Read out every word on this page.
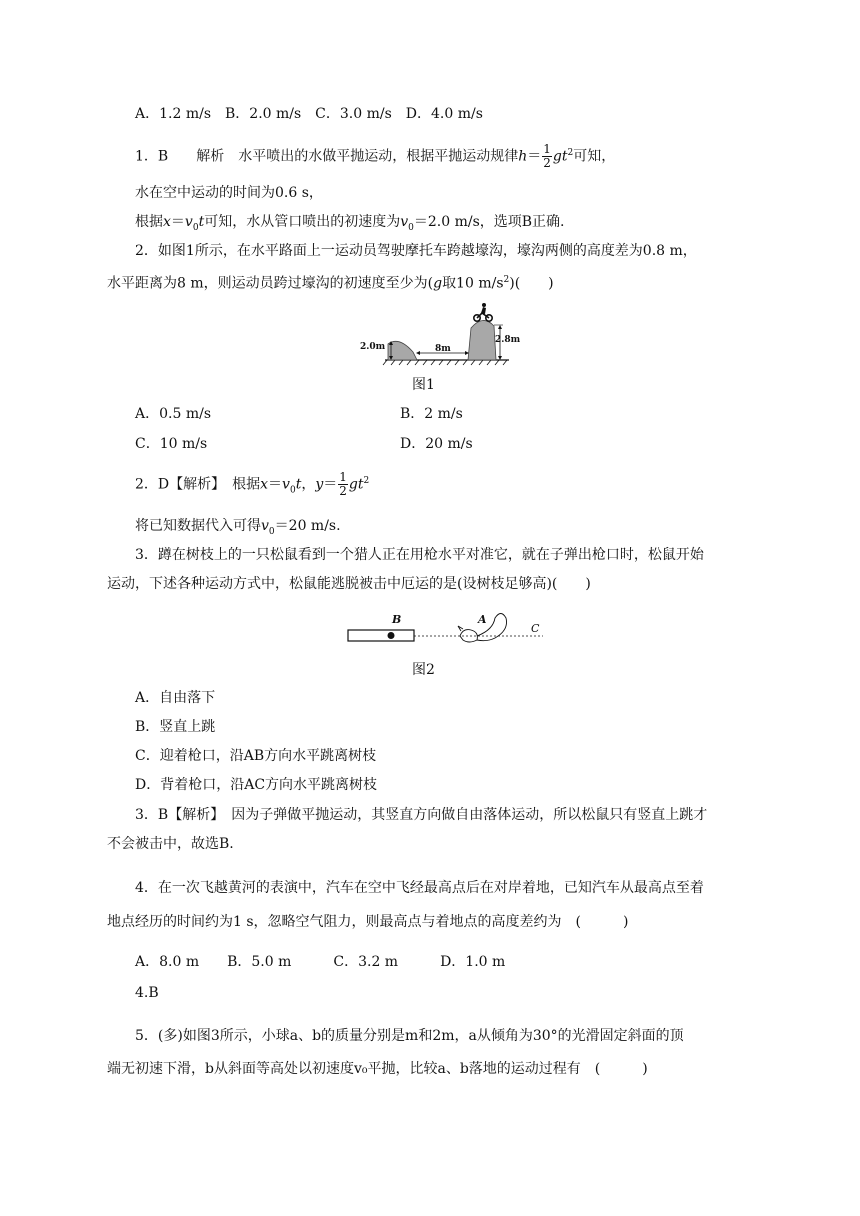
A．1.2 m/s　B．2.0 m/s　C．3.0 m/s　D．4.0 m/s
1．B　　解析　水平喷出的水做平抛运动，根据平抛运动规律$h= \frac{1}{2} gt^2$可知，
水在空中运动的时间为0.6 s，
根据$x=v_0t$可知，水从管口喷出的初速度为$v_0=2.0$ m/s，选项B正确.
2．如图1所示，在水平路面上一运动员驾驶摩托车跨越壕沟，壕沟两侧的高度差为0.8 m，
水平距离为8 m，则运动员跨过壕沟的初速度至少为(g取10 $m/s^2$)(　　)
2.0m	8m
2.8m
图1
A．0.5 m/s	B．2 m/s
C．10 m/s	D．20 m/s
2．D【解析】　根据$x=v_0t$，$y= \frac{1}{2} gt^2$
将已知数据代入可得$v_0=20$ m/s.
3．蹲在树枝上的一只松鼠看到一个猎人正在用枪水平对准它，就在子弹出枪口时，松鼠开始
运动，下述各种运动方式中，松鼠能逃脱被击中厄运的是(设树枝足够高)(　　)
B	A
C
图2
A．自由落下
B．竖直上跳
C．迎着枪口，沿AB方向水平跳离树枝
D．背着枪口，沿AC方向水平跳离树枝
3．B【解析】　因为子弹做平抛运动，其竖直方向做自由落体运动，所以松鼠只有竖直上跳才
不会被击中，故选B.
4．在一次飞越黄河的表演中，汽车在空中飞经最高点后在对岸着地，已知汽车从最高点至着
地点经历的时间约为1 s，忽略空气阻力，则最高点与着地点的高度差约为　(　　　)
A．8.0 m　　B．5.0 m　　　C．3.2 m　　　D．1.0 m
4.B
5．(多)如图3所示，小球a、b的质量分别是m和2m，a从倾角为30°的光滑固定斜面的顶
端无初速下滑，b从斜面等高处以初速度v₀平抛，比较a、b落地的运动过程有　(　　　)
